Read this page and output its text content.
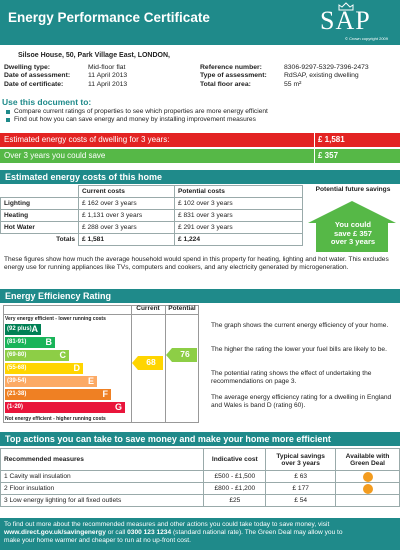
Energy Performance Certificate	SAP
© Crown copyright 2009
Silsoe House, 50, Park Village East, LONDON,
Dwelling type:	Mid-floor flat
Date of assessment:	11 April 2013
Date of certificate:	11 April 2013
Reference number:	8306-9297-5329-7396-2473
Type of assessment:	RdSAP, existing dwelling
Total floor area:	55 m²
Use this document to:
Compare current ratings of properties to see which properties are more energy efficient
Find out how you can save energy and money by installing improvement measures
Estimated energy costs of dwelling for 3 years:	£ 1,581
Over 3 years you could save	£ 357
Estimated energy costs of this home
	Current costs	Potential costs
Lighting	£ 162 over 3 years	£ 102 over 3 years
Heating	£ 1,131 over 3 years	£ 831 over 3 years
Hot Water	£ 288 over 3 years	£ 291 over 3 years
Totals	£ 1,581	£ 1,224
Potential future savings
You could
save £ 357
over 3 years
These figures show how much the average household would spend in this property for heating, lighting and hot water. This excludes energy use for running appliances like TVs, computers and cookers, and any electricity generated by microgeneration.
Energy Efficiency Rating
Current	Potential
Very energy efficient - lower running costs
(92 plus) A
(81-91) B
(69-80)	C
(55-68)	D
(39-54)	E
(21-38)	F
(1-20)	G
Not energy efficient - higher running costs
68
76
The graph shows the current energy efficiency of your home.
The higher the rating the lower your fuel bills are likely to be.
The potential rating shows the effect of undertaking the recommendations on page 3.
The average energy efficiency rating for a dwelling in England and Wales is band D (rating 60).
Top actions you can take to save money and make your home more efficient
Recommended measures	Indicative cost	Typical savings over 3 years	Available with Green Deal
1 Cavity wall insulation	£500 - £1,500	£ 63	
2 Floor insulation	£800 - £1,200	£ 177	
3 Low energy lighting for all fixed outlets	£25	£ 54	
To find out more about the recommended measures and other actions you could take today to save money, visit
www.direct.gov.uk/savingenergy or call 0300 123 1234 (standard national rate). The Green Deal may allow you to
make your home warmer and cheaper to run at no up-front cost.
